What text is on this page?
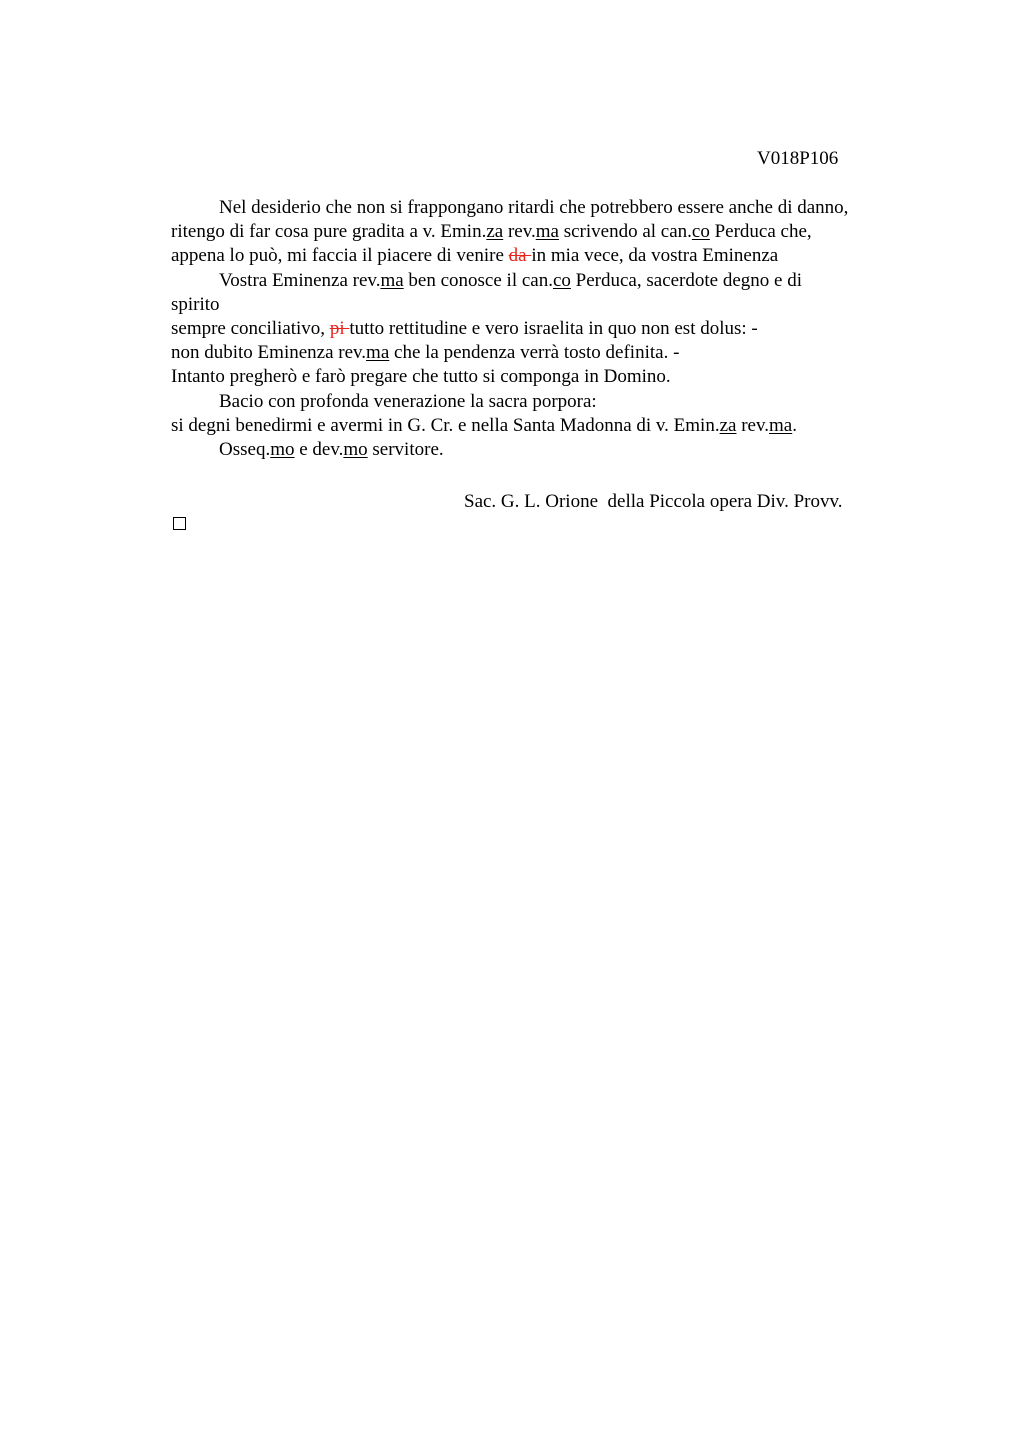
V018P106
Nel desiderio che non si frappongano ritardi che potrebbero essere anche di danno,
ritengo di far cosa pure gradita a v. Emin.za rev.ma scrivendo al can.co Perduca che,
appena lo può, mi faccia il piacere di venire da in mia vece, da vostra Eminenza
Vostra Eminenza rev.ma ben conosce il can.co Perduca, sacerdote degno e di
spirito
sempre conciliativo, pi tutto rettitudine e vero israelita in quo non est dolus: -
non dubito Eminenza rev.ma che la pendenza verrà tosto definita. -
Intanto pregherò e farò pregare che tutto si componga in Domino.
Bacio con profonda venerazione la sacra porpora:
si degni benedirmi e avermi in G. Cr. e nella Santa Madonna di v. Emin.za rev.ma.
Osseq.mo e dev.mo servitore.
Sac. G. L. Orione  della Piccola opera Div. Provv.
